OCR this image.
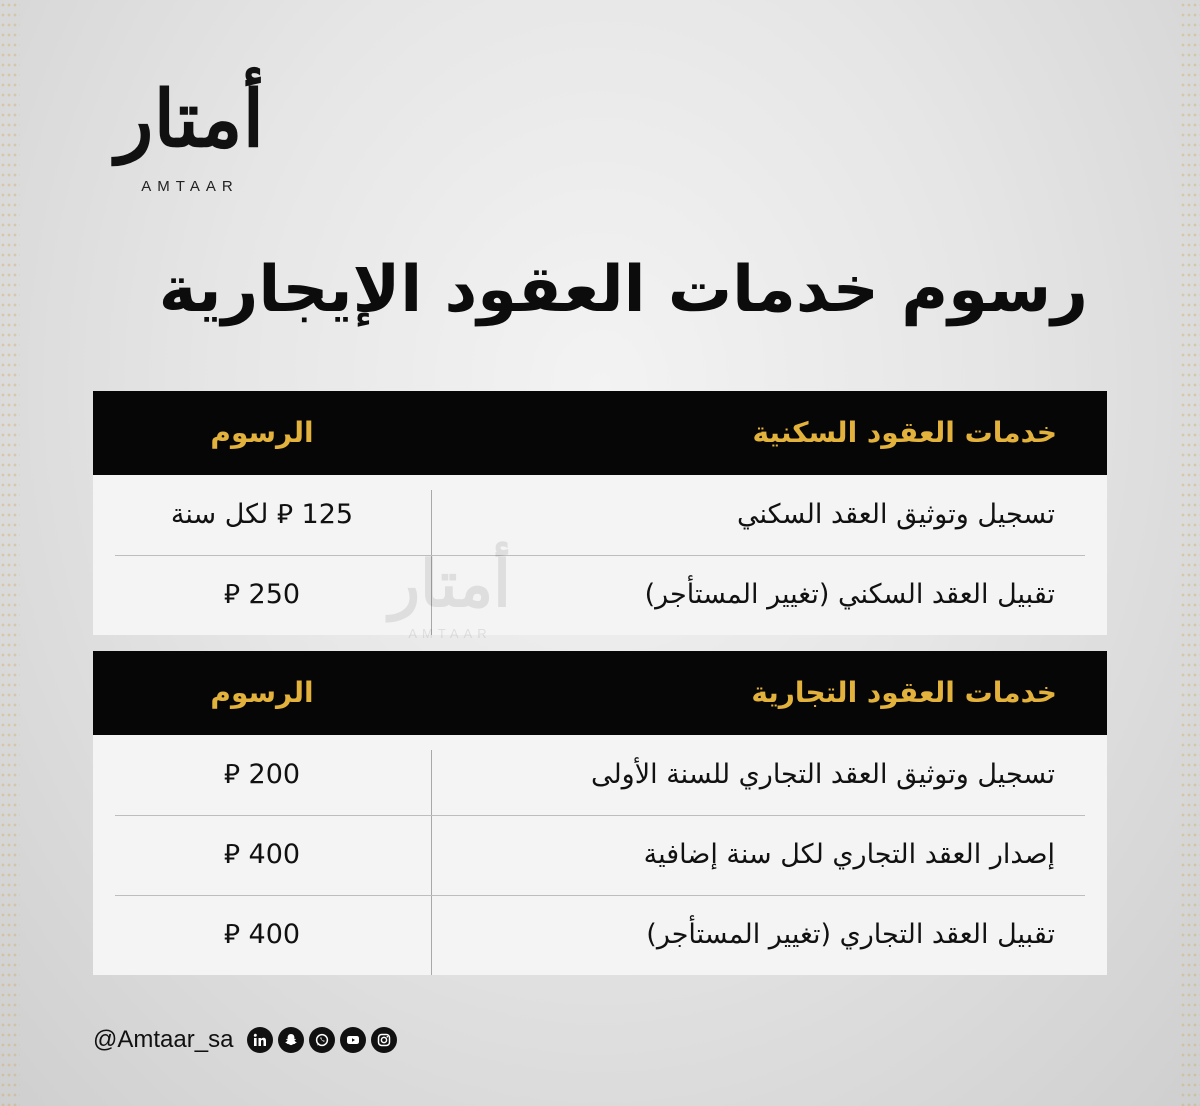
أمتار
AMTAAR
رسوم خدمات العقود الإيجارية
خدمات العقود السكنية
الرسوم
تسجيل وتوثيق العقد السكني
125 ⃁ لكل سنة
تقبيل العقد السكني (تغيير المستأجر)
250 ⃁
خدمات العقود التجارية
الرسوم
تسجيل وتوثيق العقد التجاري للسنة الأولى
200 ⃁
إصدار العقد التجاري لكل سنة إضافية
400 ⃁
تقبيل العقد التجاري (تغيير المستأجر)
400 ⃁
@Amtaar_sa
